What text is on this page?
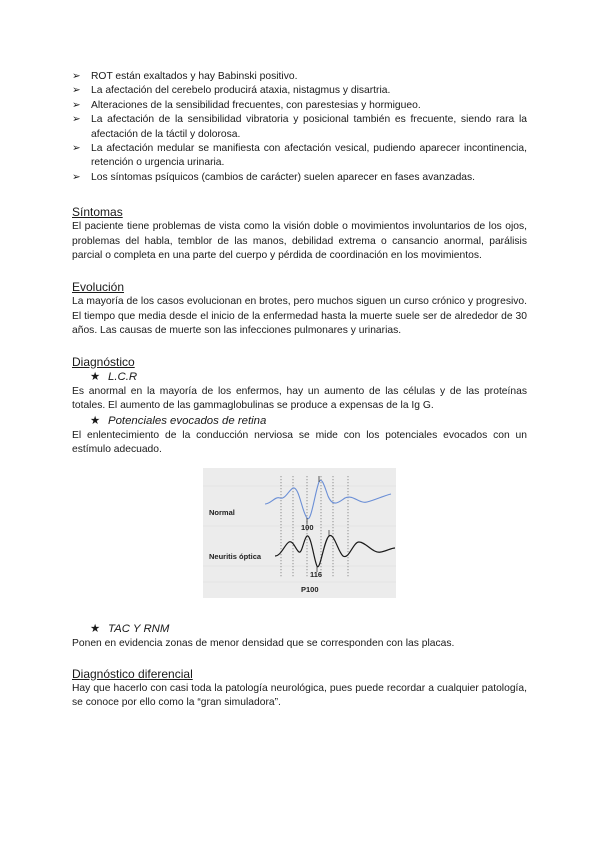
➢ ROT están exaltados y hay Babinski positivo.
➢ La afectación del cerebelo producirá ataxia, nistagmus y disartria.
➢ Alteraciones de la sensibilidad frecuentes, con parestesias y hormigueo.
➢ La afectación de la sensibilidad vibratoria y posicional también es frecuente, siendo rara la afectación de la táctil y dolorosa.
➢ La afectación medular se manifiesta con afectación vesical, pudiendo aparecer incontinencia, retención o urgencia urinaria.
➢ Los síntomas psíquicos (cambios de carácter) suelen aparecer en fases avanzadas.
Síntomas

El paciente tiene problemas de vista como la visión doble o movimientos involuntarios de los ojos, problemas del habla, temblor de las manos, debilidad extrema o cansancio anormal, parálisis parcial o completa en una parte del cuerpo y pérdida de coordinación en los movimientos.

Evolución

La mayoría de los casos evolucionan en brotes, pero muchos siguen un curso crónico y progresivo. El tiempo que media desde el inicio de la enfermedad hasta la muerte suele ser de alrededor de 30 años. Las causas de muerte son las infecciones pulmonares y urinarias.

Diagnóstico
★ L.C.R

Es anormal en la mayoría de los enfermos, hay un aumento de las células y de las proteínas totales. El aumento de las gammaglobulinas se produce a expensas de la Ig G.

★ Potenciales evocados de retina

El enlentecimiento de la conducción nerviosa se mide con los potenciales evocados con un estímulo adecuado.

Normal
Neuritis óptica
100
116
P100
★ TAC Y RNM

Ponen en evidencia zonas de menor densidad que se corresponden con las placas.

Diagnóstico diferencial

Hay que hacerlo con casi toda la patología neurológica, pues puede recordar a cualquier patología, se conoce por ello como la “gran simuladora”.
